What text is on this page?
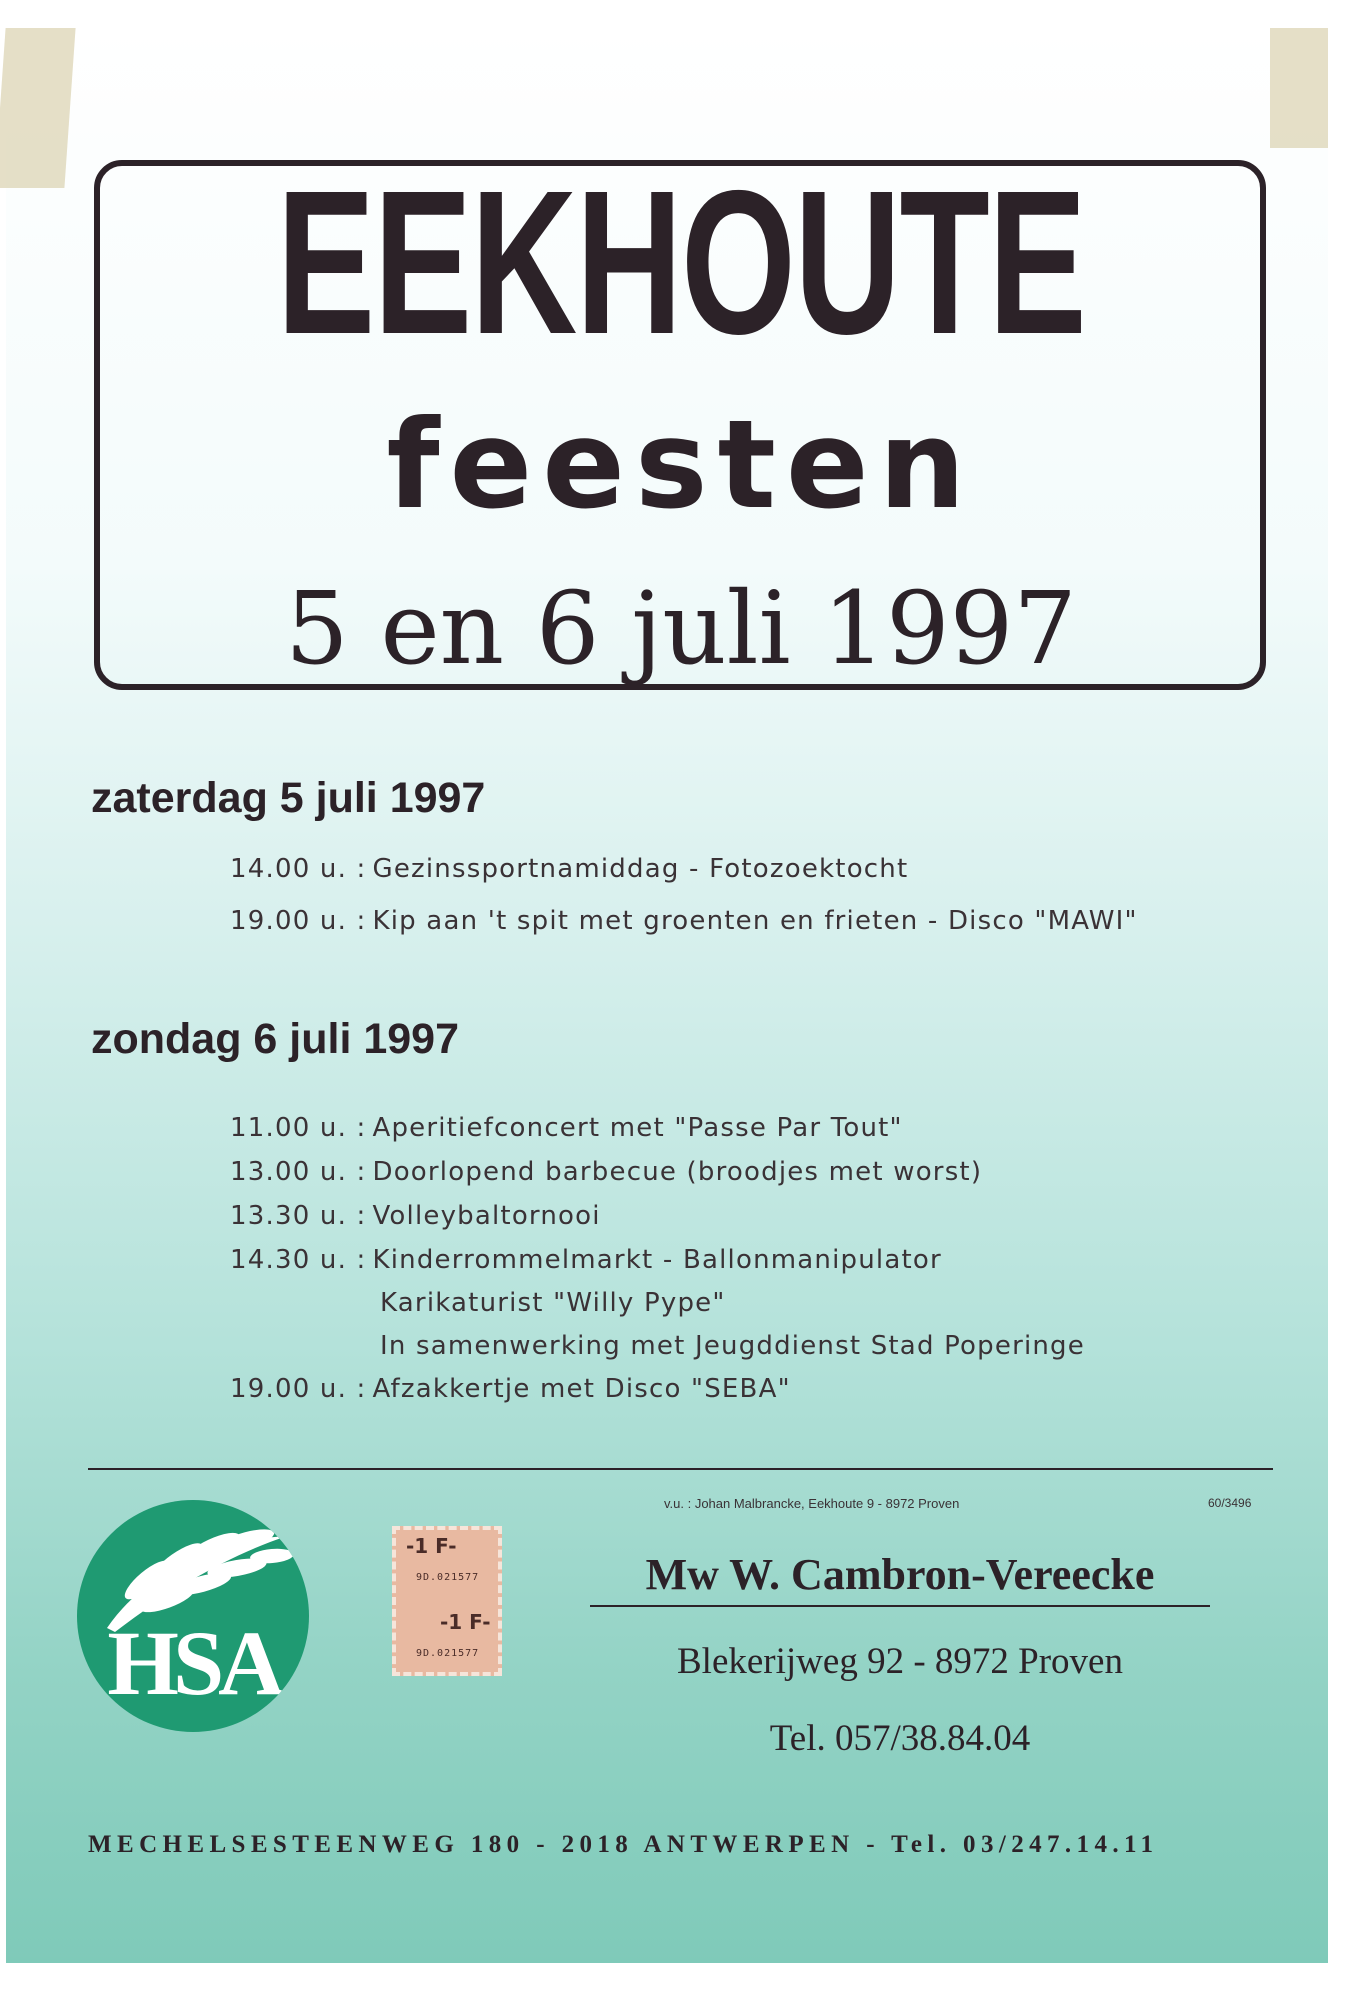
EEKHOUTE
feesten
5 en 6 juli 1997
zaterdag 5 juli 1997
14.00 u. : Gezinssportnamiddag - Fotozoektocht
19.00 u. : Kip aan 't spit met groenten en frieten - Disco "MAWI"
zondag 6 juli 1997
11.00 u. : Aperitiefconcert met "Passe Par Tout"
13.00 u. : Doorlopend barbecue (broodjes met worst)
13.30 u. : Volleybaltornooi
14.30 u. : Kinderrommelmarkt - Ballonmanipulator
Karikaturist "Willy Pype"
In samenwerking met Jeugddienst Stad Poperinge
19.00 u. : Afzakkertje met Disco "SEBA"
v.u. : Johan Malbrancke, Eekhoute 9 - 8972 Proven	60/3496
HSA
-1 F-
9D.021577
-1 F-
9D.021577
Mw W. Cambron-Vereecke
Blekerijweg 92 - 8972 Proven
Tel. 057/38.84.04
MECHELSESTEENWEG 180 - 2018 ANTWERPEN - Tel. 03/247.14.11
